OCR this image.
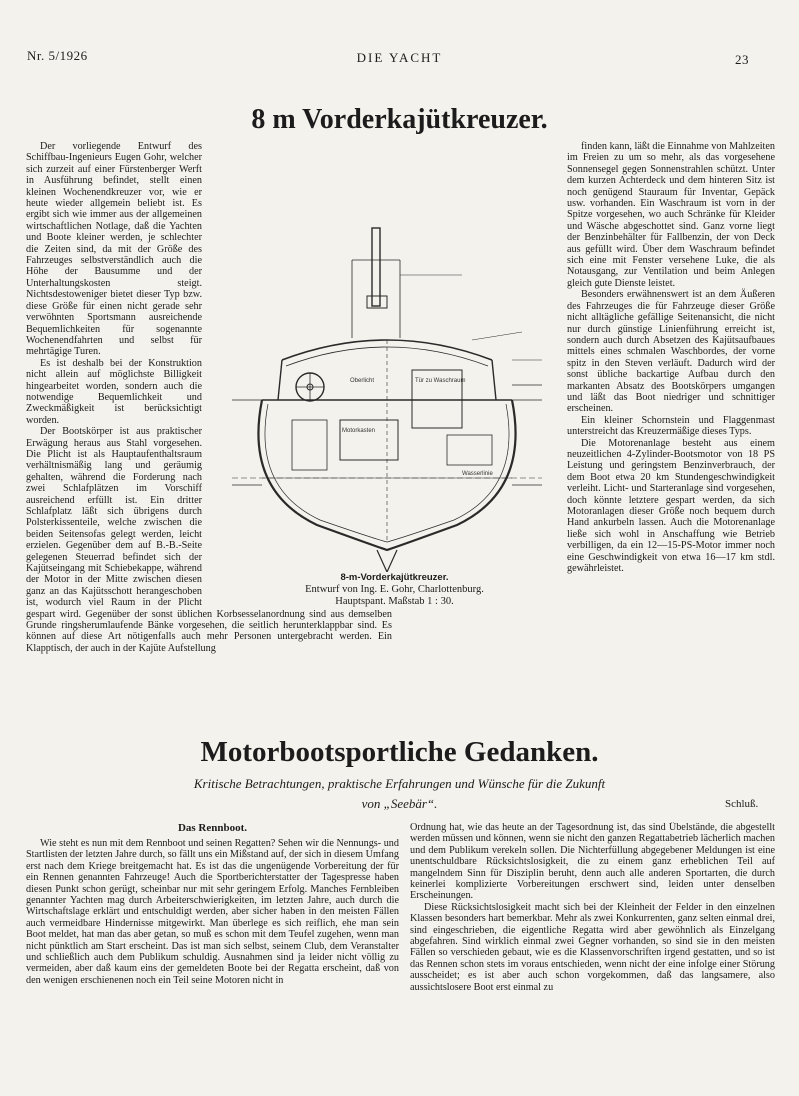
Nr. 5/1926	DIE YACHT	23
8 m Vorderkajütkreuzer.

Der vorliegende Entwurf des Schiffbau-Ingenieurs Eugen Gohr, welcher sich zurzeit auf einer Fürstenberger Werft in Ausführung befindet, stellt einen kleinen Wochenendkreuzer vor, wie er heute wieder allgemein beliebt ist. Es ergibt sich wie immer aus der allgemeinen wirtschaftlichen Notlage, daß die Yachten und Boote kleiner werden, je schlechter die Zeiten sind, da mit der Größe des Fahrzeuges selbstverständlich auch die Höhe der Bausumme und der Unterhaltungskosten steigt. Nichtsdestoweniger bietet dieser Typ bzw. diese Größe für einen nicht gerade sehr verwöhnten Sportsmann ausreichende Bequemlichkeiten für sogenannte Wochenendfahrten und selbst für mehrtägige Turen.

Es ist deshalb bei der Konstruktion nicht allein auf möglichste Billigkeit hingearbeitet worden, sondern auch die notwendige Bequemlichkeit und Zweckmäßigkeit ist berücksichtigt worden.

Der Bootskörper ist aus praktischer Erwägung heraus aus Stahl vorgesehen. Die Plicht ist als Hauptaufenthaltsraum verhältnismäßig lang und geräumig gehalten, während die Forderung nach zwei Schlafplätzen im Vorschiff ausreichend erfüllt ist. Ein dritter Schlafplatz läßt sich übrigens durch Polsterkissenteile, welche zwischen die beiden Seitensofas gelegt werden, leicht erzielen. Gegenüber dem auf B.-B.-Seite gelegenen Steuerrad befindet sich der Kajütseingang mit Schiebekappe, während der Motor in der Mitte zwischen diesen ganz an das Kajütsschott herangeschoben ist, wodurch viel Raum in der Plicht gespart wird. Gegenüber der sonst üblichen Korbsesselanordnung sind aus demselben Grunde ringsherumlaufende Bänke vorgesehen, die seitlich herunterklappbar sind. Es können auf diese Art nötigenfalls auch mehr Personen untergebracht werden. Ein Klapptisch, der auch in der Kajüte Aufstellung

finden kann, läßt die Einnahme von Mahlzeiten im Freien zu um so mehr, als das vorgesehene Sonnensegel gegen Sonnenstrahlen schützt. Unter dem kurzen Achterdeck und dem hinteren Sitz ist noch genügend Stauraum für Inventar, Gepäck usw. vorhanden. Ein Waschraum ist vorn in der Spitze vorgesehen, wo auch Schränke für Kleider und Wäsche abgeschottet sind. Ganz vorne liegt der Benzinbehälter für Fallbenzin, der von Deck aus gefüllt wird. Über dem Waschraum befindet sich eine mit Fenster versehene Luke, die als Notausgang, zur Ventilation und beim Anlegen gleich gute Dienste leistet.

Besonders erwähnenswert ist an dem Äußeren des Fahrzeuges die für Fahrzeuge dieser Größe nicht alltägliche gefällige Seitenansicht, die nicht nur durch günstige Linienführung erreicht ist, sondern auch durch Absetzen des Kajütsaufbaues mittels eines schmalen Waschbordes, der vorne spitz in den Steven verläuft. Dadurch wird der sonst übliche backartige Aufbau durch den markanten Absatz des Bootskörpers umgangen und läßt das Boot niedriger und schnittiger erscheinen.

Ein kleiner Schornstein und Flaggenmast unterstreicht das Kreuzermäßige dieses Typs.

Die Motorenanlage besteht aus einem neuzeitlichen 4-Zylinder-Bootsmotor von 18 PS Leistung und geringstem Benzinverbrauch, der dem Boot etwa 20 km Stundengeschwindigkeit verleiht. Licht- und Starteranlage sind vorgesehen, doch könnte letztere gespart werden, da sich Motoranlagen dieser Größe noch bequem durch Hand ankurbeln lassen. Auch die Motorenanlage ließe sich wohl in Anschaffung wie Betrieb verbilligen, da ein 12—15-PS-Motor immer noch eine Geschwindigkeit von etwa 16—17 km stdl. gewährleistet.

Oberlicht
Motorkasten
Tür zu Waschraum
Wasserlinie
8-m-Vorderkajütkreuzer.
Entwurf von Ing. E. Gohr, Charlottenburg.
Hauptspant. Maßstab 1 : 30.
Motorbootsportliche Gedanken.
Kritische Betrachtungen, praktische Erfahrungen und Wünsche für die Zukunft
von „Seebär“.	Schluß.
Das Rennboot.

Wie steht es nun mit dem Rennboot und seinen Regatten? Sehen wir die Nennungs- und Startlisten der letzten Jahre durch, so fällt uns ein Mißstand auf, der sich in diesem Umfang erst nach dem Kriege breitgemacht hat. Es ist das die ungenügende Vorbereitung der für ein Rennen genannten Fahrzeuge! Auch die Sportberichterstatter der Tagespresse haben diesen Punkt schon gerügt, scheinbar nur mit sehr geringem Erfolg. Manches Fernbleiben genannter Yachten mag durch Arbeiterschwierigkeiten, im letzten Jahre, auch durch die Wirtschaftslage erklärt und entschuldigt werden, aber sicher haben in den meisten Fällen auch vermeidbare Hindernisse mitgewirkt. Man überlege es sich reiflich, ehe man sein Boot meldet, hat man das aber getan, so muß es schon mit dem Teufel zugehen, wenn man nicht pünktlich am Start erscheint. Das ist man sich selbst, seinem Club, dem Veranstalter und schließlich auch dem Publikum schuldig. Ausnahmen sind ja leider nicht völlig zu vermeiden, aber daß kaum eins der gemeldeten Boote bei der Regatta erscheint, daß von den wenigen erschienenen noch ein Teil seine Motoren nicht in

Ordnung hat, wie das heute an der Tagesordnung ist, das sind Übelstände, die abgestellt werden müssen und können, wenn sie nicht den ganzen Regattabetrieb lächerlich machen und dem Publikum verekeln sollen. Die Nichterfüllung abgegebener Meldungen ist eine unentschuldbare Rücksichtslosigkeit, die zu einem ganz erheblichen Teil auf mangelndem Sinn für Disziplin beruht, denn auch alle anderen Sportarten, die durch keinerlei komplizierte Vorbereitungen erschwert sind, leiden unter denselben Erscheinungen.

Diese Rücksichtslosigkeit macht sich bei der Kleinheit der Felder in den einzelnen Klassen besonders hart bemerkbar. Mehr als zwei Konkurrenten, ganz selten einmal drei, sind eingeschrieben, die eigentliche Regatta wird aber gewöhnlich als Einzelgang abgefahren. Sind wirklich einmal zwei Gegner vorhanden, so sind sie in den meisten Fällen so verschieden gebaut, wie es die Klassenvorschriften irgend gestatten, und so ist das Rennen schon stets im voraus entschieden, wenn nicht der eine infolge einer Störung ausscheidet; es ist aber auch schon vorgekommen, daß das langsamere, also aussichtslosere Boot erst einmal zu
